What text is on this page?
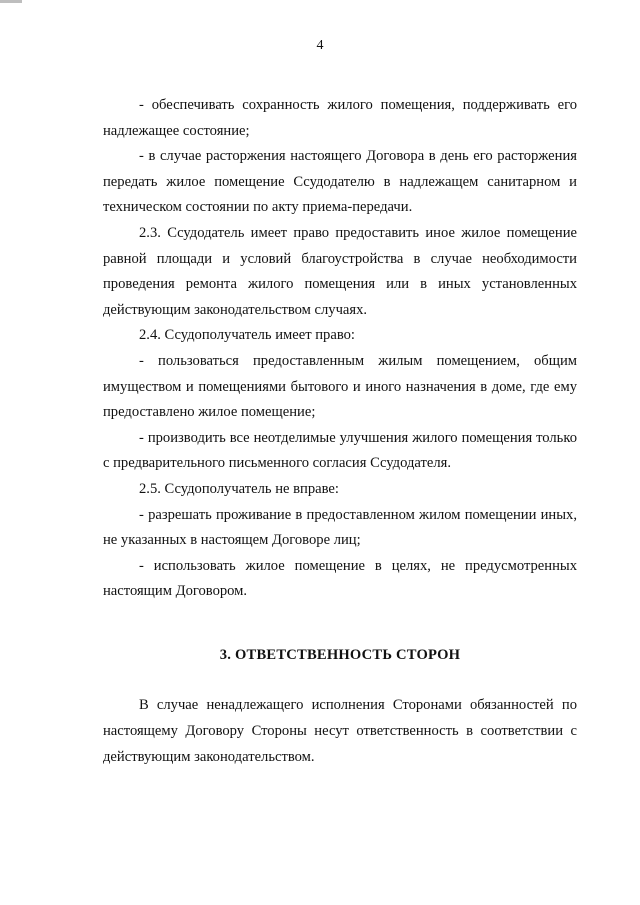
4

- обеспечивать сохранность жилого помещения, поддерживать его надлежащее состояние;

- в случае расторжения настоящего Договора в день его расторжения передать жилое помещение Ссудодателю в надлежащем санитарном и техническом состоянии по акту приема-передачи.

2.3. Ссудодатель имеет право предоставить иное жилое помещение равной площади и условий благоустройства в случае необходимости проведения ремонта жилого помещения или в иных установленных действующим законодательством случаях.

2.4. Ссудополучатель имеет право:

- пользоваться предоставленным жилым помещением, общим имуществом и помещениями бытового и иного назначения в доме, где ему предоставлено жилое помещение;

- производить все неотделимые улучшения жилого помещения только с предварительного письменного согласия Ссудодателя.

2.5. Ссудополучатель не вправе:

- разрешать проживание в предоставленном жилом помещении иных, не указанных в настоящем Договоре лиц;

- использовать жилое помещение в целях, не предусмотренных настоящим Договором.

3. ОТВЕТСТВЕННОСТЬ СТОРОН

В случае ненадлежащего исполнения Сторонами обязанностей по настоящему Договору Стороны несут ответственность в соответствии с действующим законодательством.
